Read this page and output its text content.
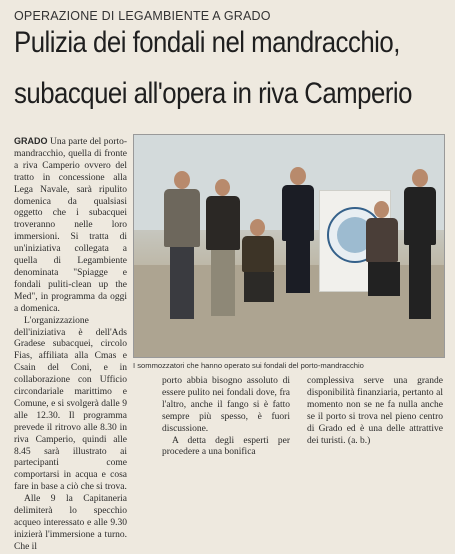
OPERAZIONE DI LEGAMBIENTE A GRADO
Pulizia dei fondali nel mandracchio,
subacquei all'opera in riva Camperio

GRADO Una parte del porto-mandracchio, quella di fronte a riva Camperio ovvero del tratto in concessione alla Lega Navale, sarà ripulito domenica da qualsiasi oggetto che i subacquei troveranno nelle loro immersioni. Si tratta di un'iniziativa collegata a quella di Legambiente denominata "Spiagge e fondali puliti-clean up the Med", in programma da oggi a domenica.

L'organizzazione dell'iniziativa è dell'Ads Gradese subacquei, circolo Fias, affiliata alla Cmas e Csain del Coni, e in collaborazione con Ufficio circondariale marittimo e Comune, e si svolgerà dalle 9 alle 12.30. Il programma prevede il ritrovo alle 8.30 in riva Camperio, quindi alle 8.45 sarà illustrato ai partecipanti come comportarsi in acqua e cosa fare in base a ciò che si trova.

Alle 9 la Capitaneria delimiterà lo specchio acqueo interessato e alle 9.30 inizierà l'immersione a turno. Che il

I sommozzatori che hanno operato sui fondali del porto-mandracchio

porto abbia bisogno assoluto di essere pulito nei fondali dove, fra l'altro, anche il fango si è fatto sempre più spesso, è fuori discussione.

A detta degli esperti per procedere a una bonifica

complessiva serve una grande disponibilità finanziaria, pertanto al momento non se ne fa nulla anche se il porto si trova nel pieno centro di Grado ed è una delle attrattive dei turisti. (a. b.)
